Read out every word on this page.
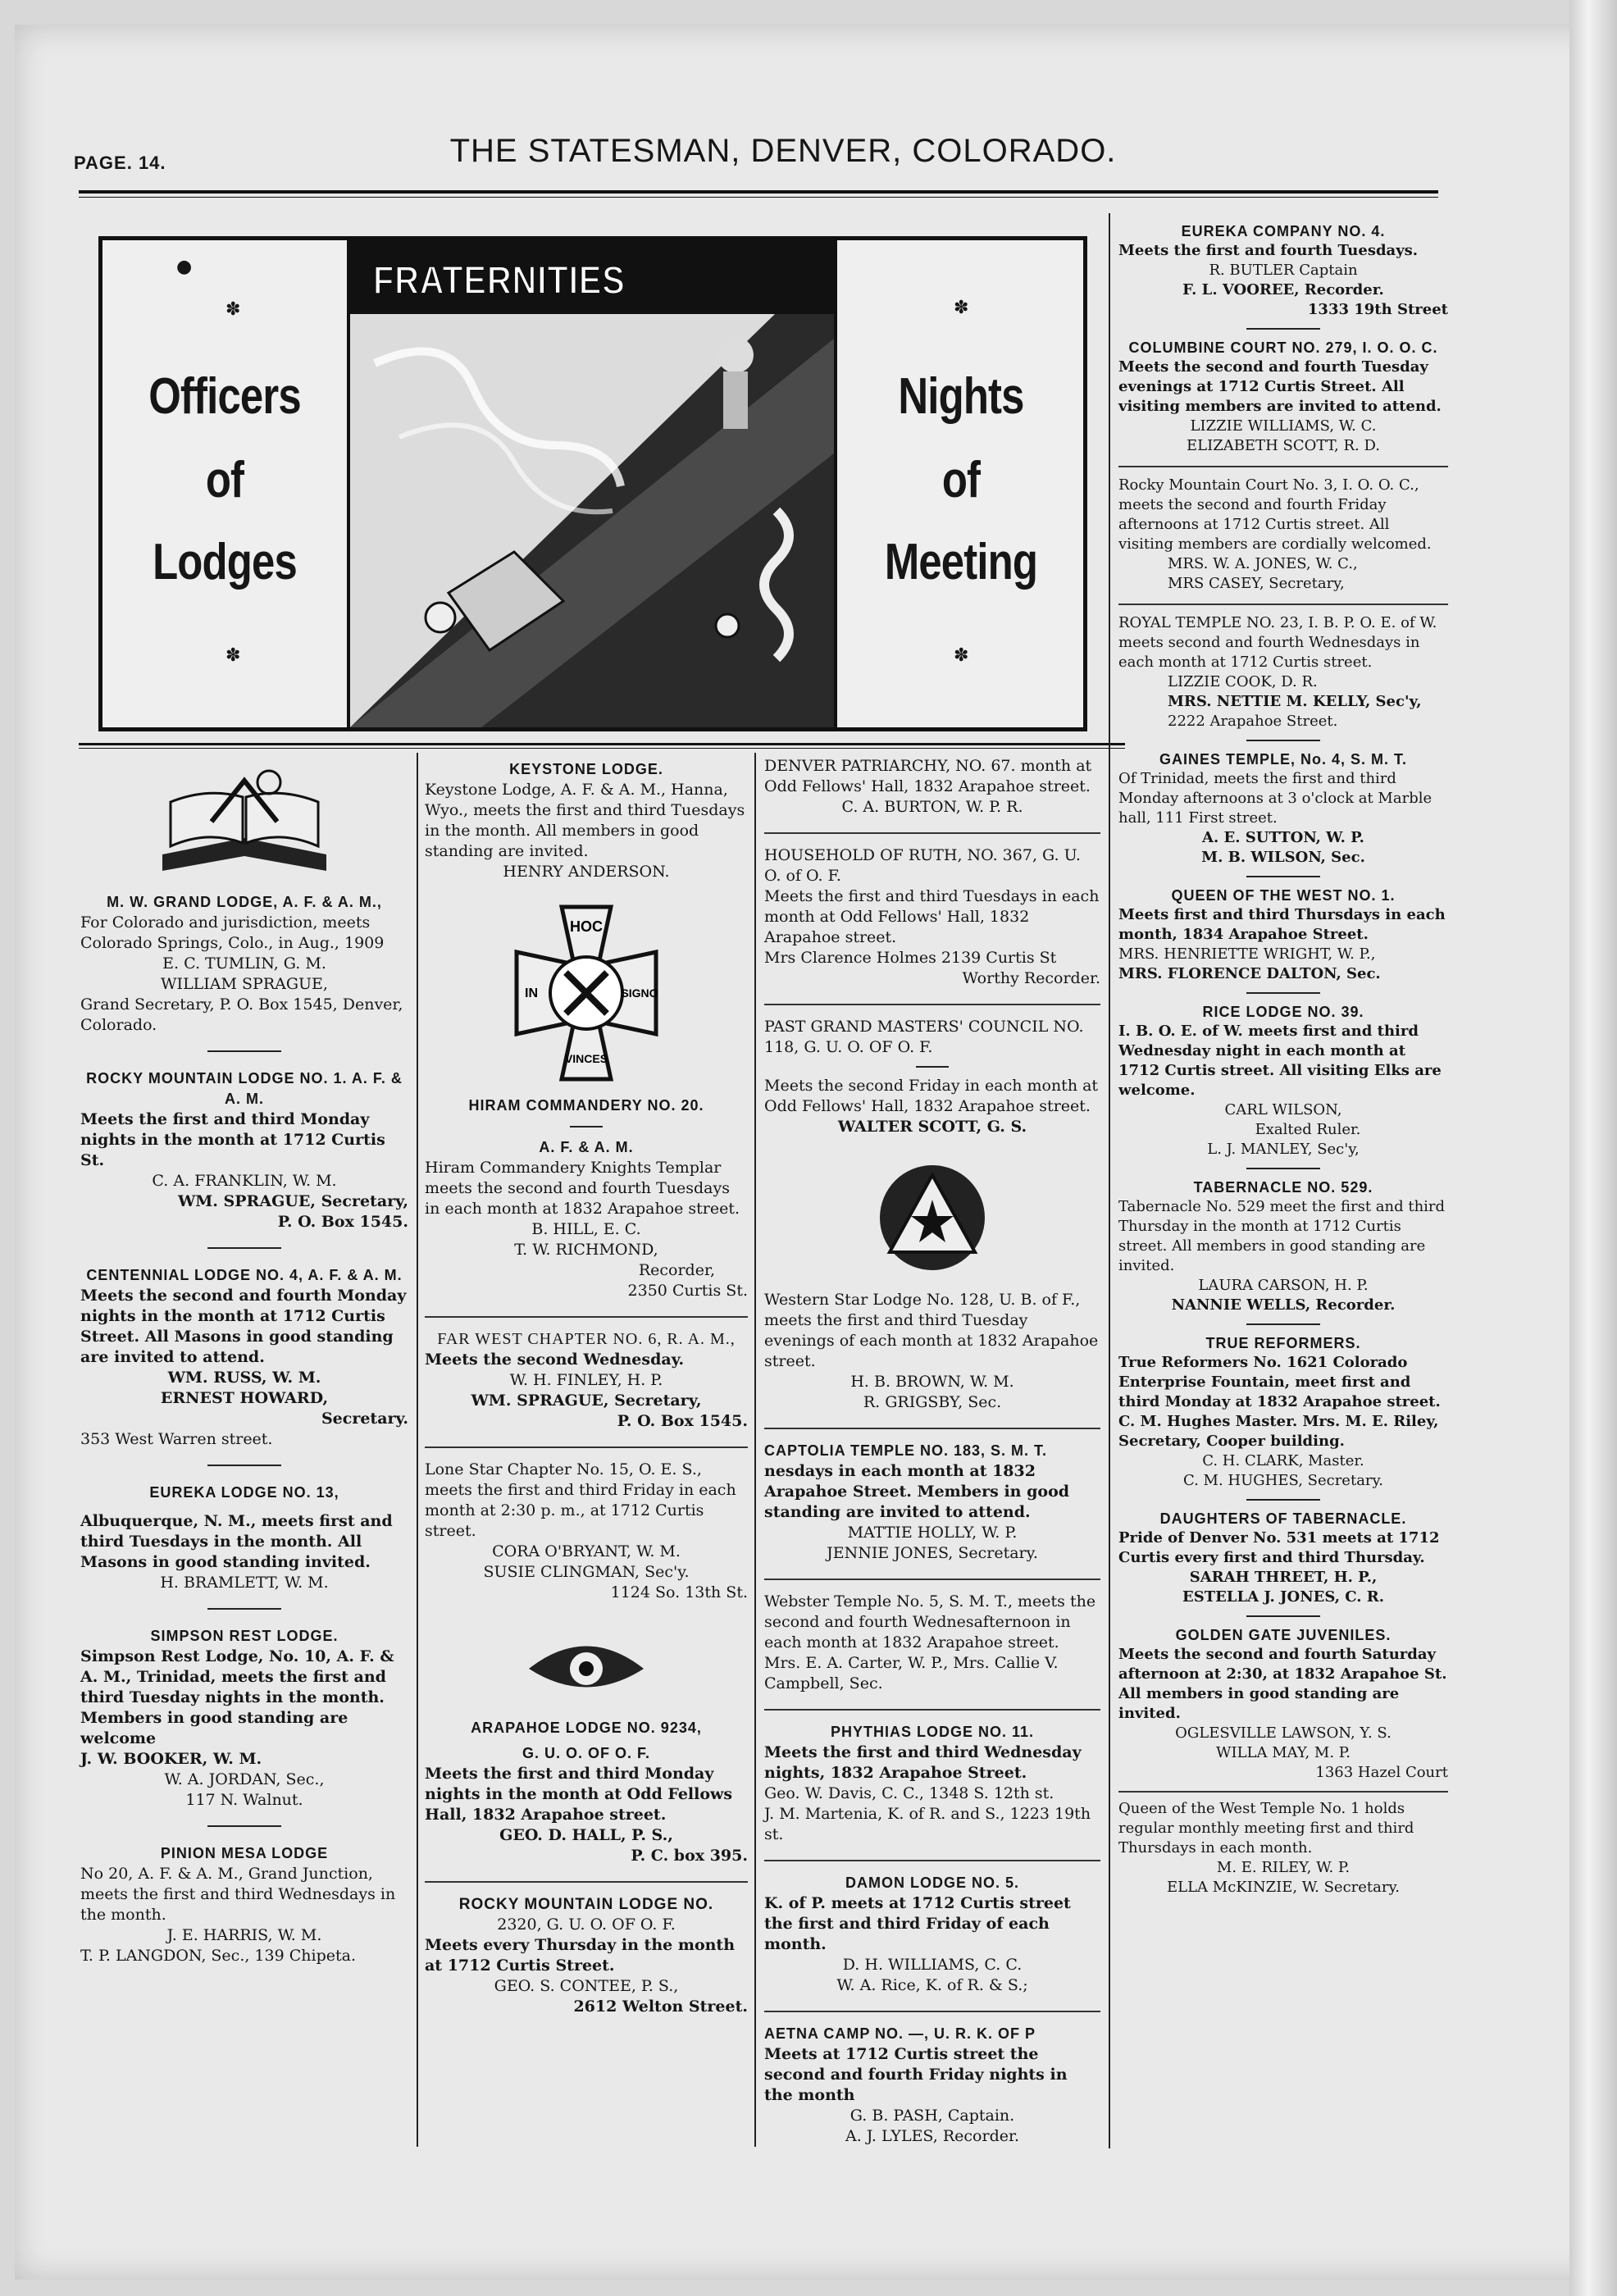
PAGE. 14.	THE STATESMAN, DENVER, COLORADO.
●
✽
Officers
of
Lodges
✽
FRATERNITIES
✽
Nights
of
Meeting
✽

M. W. GRAND LODGE, A. F. & A. M.,

For Colorado and jurisdiction, meets Colorado Springs, Colo., in Aug., 1909

E. C. TUMLIN, G. M.

WILLIAM SPRAGUE,

Grand Secretary, P. O. Box 1545, Denver, Colorado.

ROCKY MOUNTAIN LODGE NO. 1. A. F. & A. M.

Meets the first and third Monday nights in the month at 1712 Curtis St.

C. A. FRANKLIN, W. M.

WM. SPRAGUE, Secretary,

P. O. Box 1545.

CENTENNIAL LODGE NO. 4, A. F. & A. M.

Meets the second and fourth Monday nights in the month at 1712 Curtis Street. All Masons in good standing are invited to attend.

WM. RUSS, W. M.

ERNEST HOWARD,

Secretary.

353 West Warren street.

EUREKA LODGE NO. 13,

Albuquerque, N. M., meets first and third Tuesdays in the month. All Masons in good standing invited.

H. BRAMLETT, W. M.

SIMPSON REST LODGE.

Simpson Rest Lodge, No. 10, A. F. & A. M., Trinidad, meets the first and third Tuesday nights in the month. Members in good standing are welcome

J. W. BOOKER, W. M.

W. A. JORDAN, Sec.,

117 N. Walnut.

PINION MESA LODGE

No 20, A. F. & A. M., Grand Junction, meets the first and third Wednesdays in the month.

J. E. HARRIS, W. M.

T. P. LANGDON, Sec., 139 Chipeta.

KEYSTONE LODGE.

Keystone Lodge, A. F. & A. M., Hanna, Wyo., meets the first and third Tuesdays in the month. All members in good standing are invited.

HENRY ANDERSON.

HOC
IN	SIGNO
VINCES

HIRAM COMMANDERY NO. 20.

A. F. & A. M.

Hiram Commandery Knights Templar meets the second and fourth Tuesdays in each month at 1832 Arapahoe street.

B. HILL, E. C.

T. W. RICHMOND,

Recorder,

2350 Curtis St.

FAR WEST CHAPTER NO. 6, R. A. M.,

Meets the second Wednesday.

W. H. FINLEY, H. P.

WM. SPRAGUE, Secretary,

P. O. Box 1545.

Lone Star Chapter No. 15, O. E. S., meets the first and third Friday in each month at 2:30 p. m., at 1712 Curtis street.

CORA O'BRYANT, W. M.

SUSIE CLINGMAN, Sec'y.

1124 So. 13th St.

ARAPAHOE LODGE NO. 9234,

G. U. O. OF O. F.

Meets the first and third Monday nights in the month at Odd Fellows Hall, 1832 Arapahoe street.

GEO. D. HALL, P. S.,

P. C. box 395.

ROCKY MOUNTAIN LODGE NO.

2320, G. U. O. OF O. F.

Meets every Thursday in the month at 1712 Curtis Street.

GEO. S. CONTEE, P. S.,

2612 Welton Street.

DENVER PATRIARCHY, NO. 67. month at Odd Fellows' Hall, 1832 Arapahoe street.

C. A. BURTON, W. P. R.

HOUSEHOLD OF RUTH, NO. 367, G. U. O. of O. F.

Meets the first and third Tuesdays in each month at Odd Fellows' Hall, 1832 Arapahoe street.

Mrs Clarence Holmes 2139 Curtis St

Worthy Recorder.

PAST GRAND MASTERS' COUNCIL NO. 118, G. U. O. OF O. F.

Meets the second Friday in each month at Odd Fellows' Hall, 1832 Arapahoe street.

WALTER SCOTT, G. S.

Western Star Lodge No. 128, U. B. of F., meets the first and third Tuesday evenings of each month at 1832 Arapahoe street.

H. B. BROWN, W. M.

R. GRIGSBY, Sec.

CAPTOLIA TEMPLE NO. 183, S. M. T.

nesdays in each month at 1832 Arapahoe Street. Members in good standing are invited to attend.

MATTIE HOLLY, W. P.

JENNIE JONES, Secretary.

Webster Temple No. 5, S. M. T., meets the second and fourth Wednesafternoon in each month at 1832 Arapahoe street. Mrs. E. A. Carter, W. P., Mrs. Callie V. Campbell, Sec.

PHYTHIAS LODGE NO. 11.

Meets the first and third Wednesday nights, 1832 Arapahoe Street.

Geo. W. Davis, C. C., 1348 S. 12th st.

J. M. Martenia, K. of R. and S., 1223 19th st.

DAMON LODGE NO. 5.

K. of P. meets at 1712 Curtis street the first and third Friday of each month.

D. H. WILLIAMS, C. C.

W. A. Rice, K. of R. & S.;

AETNA CAMP NO. —, U. R. K. OF P

Meets at 1712 Curtis street the second and fourth Friday nights in the month

G. B. PASH, Captain.

A. J. LYLES, Recorder.

EUREKA COMPANY NO. 4.

Meets the first and fourth Tuesdays.

R. BUTLER Captain

F. L. VOOREE, Recorder.

1333 19th Street

COLUMBINE COURT NO. 279, I. O. O. C.

Meets the second and fourth Tuesday evenings at 1712 Curtis Street. All visiting members are invited to attend.

LIZZIE WILLIAMS, W. C.

ELIZABETH SCOTT, R. D.

Rocky Mountain Court No. 3, I. O. O. C., meets the second and fourth Friday afternoons at 1712 Curtis street. All visiting members are cordially welcomed.

MRS. W. A. JONES, W. C.,

MRS CASEY, Secretary,

ROYAL TEMPLE NO. 23, I. B. P. O. E. of W. meets second and fourth Wednesdays in each month at 1712 Curtis street.

LIZZIE COOK, D. R.

MRS. NETTIE M. KELLY, Sec'y,

2222 Arapahoe Street.

GAINES TEMPLE, No. 4, S. M. T.

Of Trinidad, meets the first and third Monday afternoons at 3 o'clock at Marble hall, 111 First street.

A. E. SUTTON, W. P.

M. B. WILSON, Sec.

QUEEN OF THE WEST NO. 1.

Meets first and third Thursdays in each month, 1834 Arapahoe Street.

MRS. HENRIETTE WRIGHT, W. P.,

MRS. FLORENCE DALTON, Sec.

RICE LODGE NO. 39.

I. B. O. E. of W. meets first and third Wednesday night in each month at 1712 Curtis street. All visiting Elks are welcome.

CARL WILSON,

Exalted Ruler.

L. J. MANLEY, Sec'y,

TABERNACLE NO. 529.

Tabernacle No. 529 meet the first and third Thursday in the month at 1712 Curtis street. All members in good standing are invited.

LAURA CARSON, H. P.

NANNIE WELLS, Recorder.

TRUE REFORMERS.

True Reformers No. 1621 Colorado Enterprise Fountain, meet first and third Monday at 1832 Arapahoe street. C. M. Hughes Master. Mrs. M. E. Riley, Secretary, Cooper building.

C. H. CLARK, Master.

C. M. HUGHES, Secretary.

DAUGHTERS OF TABERNACLE.

Pride of Denver No. 531 meets at 1712 Curtis every first and third Thursday.

SARAH THREET, H. P.,

ESTELLA J. JONES, C. R.

GOLDEN GATE JUVENILES.

Meets the second and fourth Saturday afternoon at 2:30, at 1832 Arapahoe St. All members in good standing are invited.

OGLESVILLE LAWSON, Y. S.

WILLA MAY, M. P.

1363 Hazel Court

Queen of the West Temple No. 1 holds regular monthly meeting first and third Thursdays in each month.

M. E. RILEY, W. P.

ELLA McKINZIE, W. Secretary.
